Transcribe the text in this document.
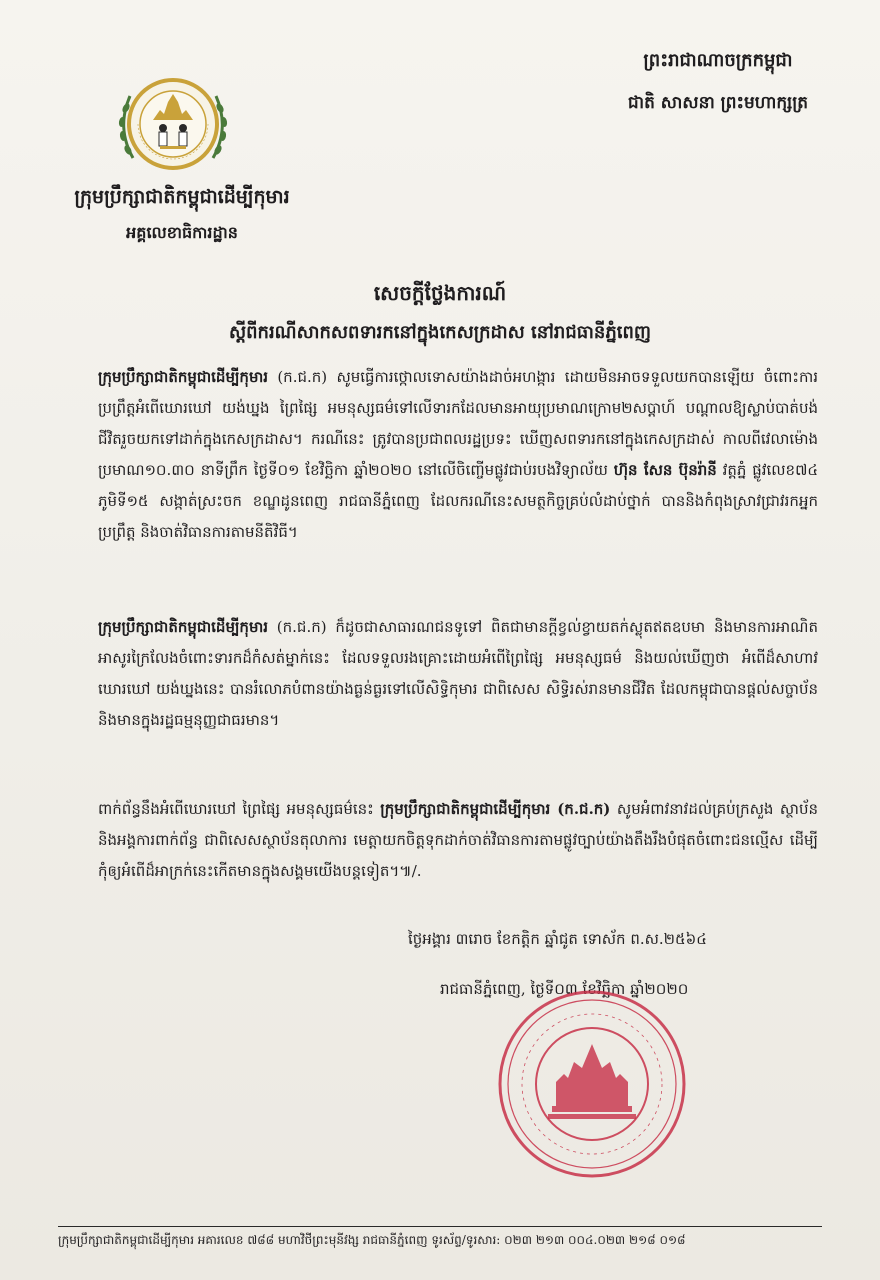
ក្រុមប្រឹក្សាជាតិកម្ពុជាដើម្បីកុមារ
អគ្គលេខាធិការដ្ឋាន
ព្រះរាជាណាចក្រកម្ពុជា
ជាតិ សាសនា ព្រះមហាក្សត្រ
សេចក្ដីថ្លែងការណ៍
ស្ដីពីករណីសាកសពទារកនៅក្នុងកេសក្រដាស នៅរាជធានីភ្នំពេញ
ក្រុមប្រឹក្សាជាតិកម្ពុជាដើម្បីកុមារ (ក.ជ.ក) សូមធ្វើការថ្កោលទោសយ៉ាងដាច់អហង្ការ ដោយមិនអាចទទួលយកបានឡើយ ចំពោះការប្រព្រឹត្តអំពើឃោរឃៅ យង់ឃ្នង ព្រៃផ្សៃ អមនុស្សធម៌ទៅលើទារកដែលមានអាយុប្រមាណក្រោម២សប្ដាហ៍ បណ្ដាលឱ្យស្លាប់បាត់បង់ជីវិតរួចយកទៅដាក់ក្នុងកេសក្រដាស។ ករណីនេះ ត្រូវបានប្រជាពលរដ្ឋប្រទះ ឃើញសពទារកនៅក្នុងកេសក្រដាស់ កាលពីវេលាម៉ោងប្រមាណ១០.៣០ នាទីព្រឹក ថ្ងៃទី០១ ខែវិច្ឆិកា ឆ្នាំ២០២០ នៅលើចិញ្ចើមផ្លូវជាប់របងវិទ្យាល័យ ហ៊ុន សែន ប៊ុនរ៉ានី វត្តភ្នំ ផ្លូវលេខ៧៤ ភូមិទី១៥ សង្កាត់ស្រះចក ខណ្ឌដូនពេញ រាជធានីភ្នំពេញ ដែលករណីនេះសមត្ថកិច្ចគ្រប់លំដាប់ថ្នាក់ បាននិងកំពុងស្រាវជ្រាវរកអ្នកប្រព្រឹត្ត និងចាត់វិធានការតាមនីតិវិធី។
ក្រុមប្រឹក្សាជាតិកម្ពុជាដើម្បីកុមារ (ក.ជ.ក) ក៏ដូចជាសាធារណជនទូទៅ ពិតជាមានក្ដីខ្វល់ខ្វាយតក់ស្លុតឥតឧបមា និងមានការអាណិតអាសូរក្រៃលែងចំពោះទារកដ៏កំសត់ម្នាក់នេះ ដែលទទួលរងគ្រោះដោយអំពើព្រៃផ្សៃ អមនុស្សធម៌ និងយល់ឃើញថា អំពើដ៏សាហាវ ឃោរឃៅ យង់ឃ្នងនេះ បានរំលោភបំពានយ៉ាងធ្ងន់ធ្ងរទៅលើសិទ្ធិកុមារ ជាពិសេស សិទ្ធិរស់រានមានជីវិត ដែលកម្ពុជាបានផ្ដល់សច្ចាប័ន និងមានក្នុងរដ្ឋធម្មនុញ្ញជាធរមាន។
ពាក់ព័ន្ធនឹងអំពើឃោរឃៅ ព្រៃផ្សៃ អមនុស្សធម៌នេះ ក្រុមប្រឹក្សាជាតិកម្ពុជាដើម្បីកុមារ (ក.ជ.ក) សូមអំពាវនាវដល់គ្រប់ក្រសួង ស្ថាប័ន និងអង្គការពាក់ព័ន្ធ ជាពិសេសស្ថាប័នតុលាការ មេត្តាយកចិត្តទុកដាក់ចាត់វិធានការតាមផ្លូវច្បាប់យ៉ាងតឹងរឹងបំផុតចំពោះជនល្មើស ដើម្បីកុំឲ្យអំពើដ៏អាក្រក់នេះកើតមានក្នុងសង្គមយើងបន្តទៀត។៕/.
ថ្ងៃអង្គារ ៣រោច ខែកត្តិក ឆ្នាំជូត ទោស័ក ព.ស.២៥៦៤
រាជធានីភ្នំពេញ, ថ្ងៃទី០៣ ខែវិច្ឆិកា ឆ្នាំ២០២០
ក្រុមប្រឹក្សាជាតិកម្ពុជាដើម្បីកុមារ អគារលេខ ៧៨៨ មហាវិថីព្រះមុនីវង្ស រាជធានីភ្នំពេញ ទូរស័ព្ទ/ទូរសារ: ០២៣ ២១៣ ០០៤.០២៣ ២១៨ ០១៨
